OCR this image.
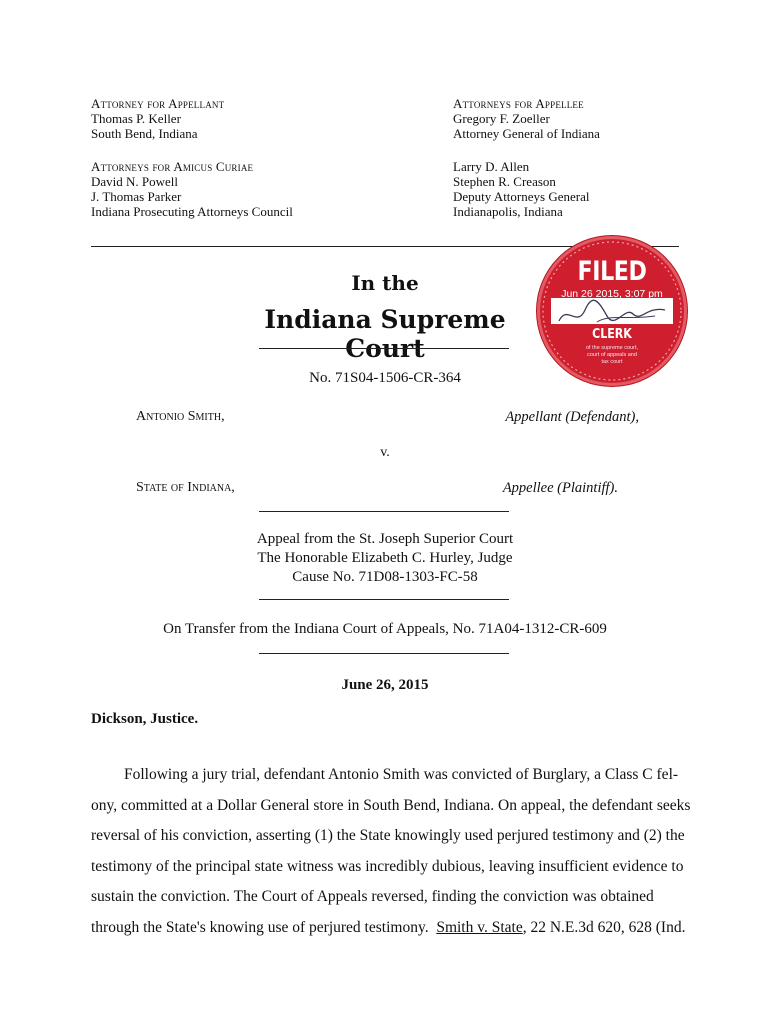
Attorney for Appellant
Thomas P. Keller
South Bend, Indiana
Attorneys for Amicus Curiae
David N. Powell
J. Thomas Parker
Indiana Prosecuting Attorneys Council
Attorneys for Appellee
Gregory F. Zoeller
Attorney General of Indiana
Larry D. Allen
Stephen R. Creason
Deputy Attorneys General
Indianapolis, Indiana
FILED
Jun 26 2015, 3:07 pm
CLERK
of the supreme court,
court of appeals and
tax court
In the
Indiana Supreme Court
No. 71S04-1506-CR-364
Antonio Smith,	Appellant (Defendant),
v.
State of Indiana,	Appellee (Plaintiff).
Appeal from the St. Joseph Superior Court
The Honorable Elizabeth C. Hurley, Judge
Cause No. 71D08-1303-FC-58
On Transfer from the Indiana Court of Appeals, No. 71A04-1312-CR-609
June 26, 2015
Dickson, Justice.
Following a jury trial, defendant Antonio Smith was convicted of Burglary, a Class C fel-
ony, committed at a Dollar General store in South Bend, Indiana. On appeal, the defendant seeks
reversal of his conviction, asserting (1) the State knowingly used perjured testimony and (2) the
testimony of the principal state witness was incredibly dubious, leaving insufficient evidence to
sustain the conviction. The Court of Appeals reversed, finding the conviction was obtained
through the State's knowing use of perjured testimony.  Smith v. State, 22 N.E.3d 620, 628 (Ind.
